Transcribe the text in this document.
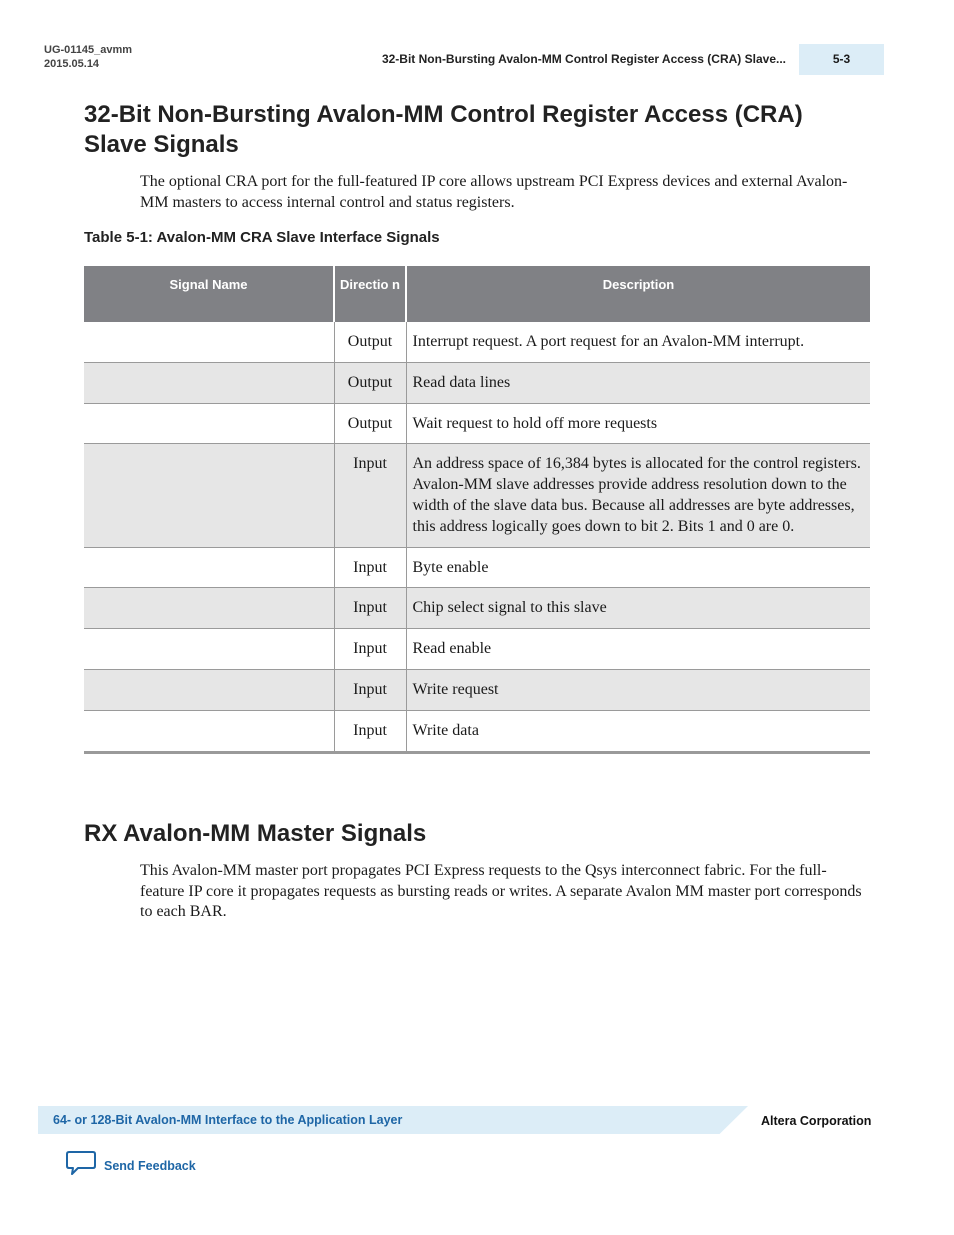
UG-01145_avmm
2015.05.14	32-Bit Non-Bursting Avalon-MM Control Register Access (CRA) Slave...	5-3
32-Bit Non-Bursting Avalon-MM Control Register Access (CRA) Slave Signals

The optional CRA port for the full-featured IP core allows upstream PCI Express devices and external Avalon-MM masters to access internal control and status registers.

Table 5-1: Avalon-MM CRA Slave Interface Signals
Signal Name	Directio n	Description
	Output	Interrupt request. A port request for an Avalon-MM interrupt.
	Output	Read data lines
	Output	Wait request to hold off more requests
	Input	An address space of 16,384 bytes is allocated for the control registers. Avalon-MM slave addresses provide address resolution down to the width of the slave data bus. Because all addresses are byte addresses, this address logically goes down to bit 2. Bits 1 and 0 are 0.
	Input	Byte enable
	Input	Chip select signal to this slave
	Input	Read enable
	Input	Write request
	Input	Write data
RX Avalon-MM Master Signals

This Avalon-MM master port propagates PCI Express requests to the Qsys interconnect fabric. For the full-feature IP core it propagates requests as bursting reads or writes. A separate Avalon MM master port corresponds to each BAR.

64- or 128-Bit Avalon-MM Interface to the Application Layer	Altera Corporation
Send Feedback
